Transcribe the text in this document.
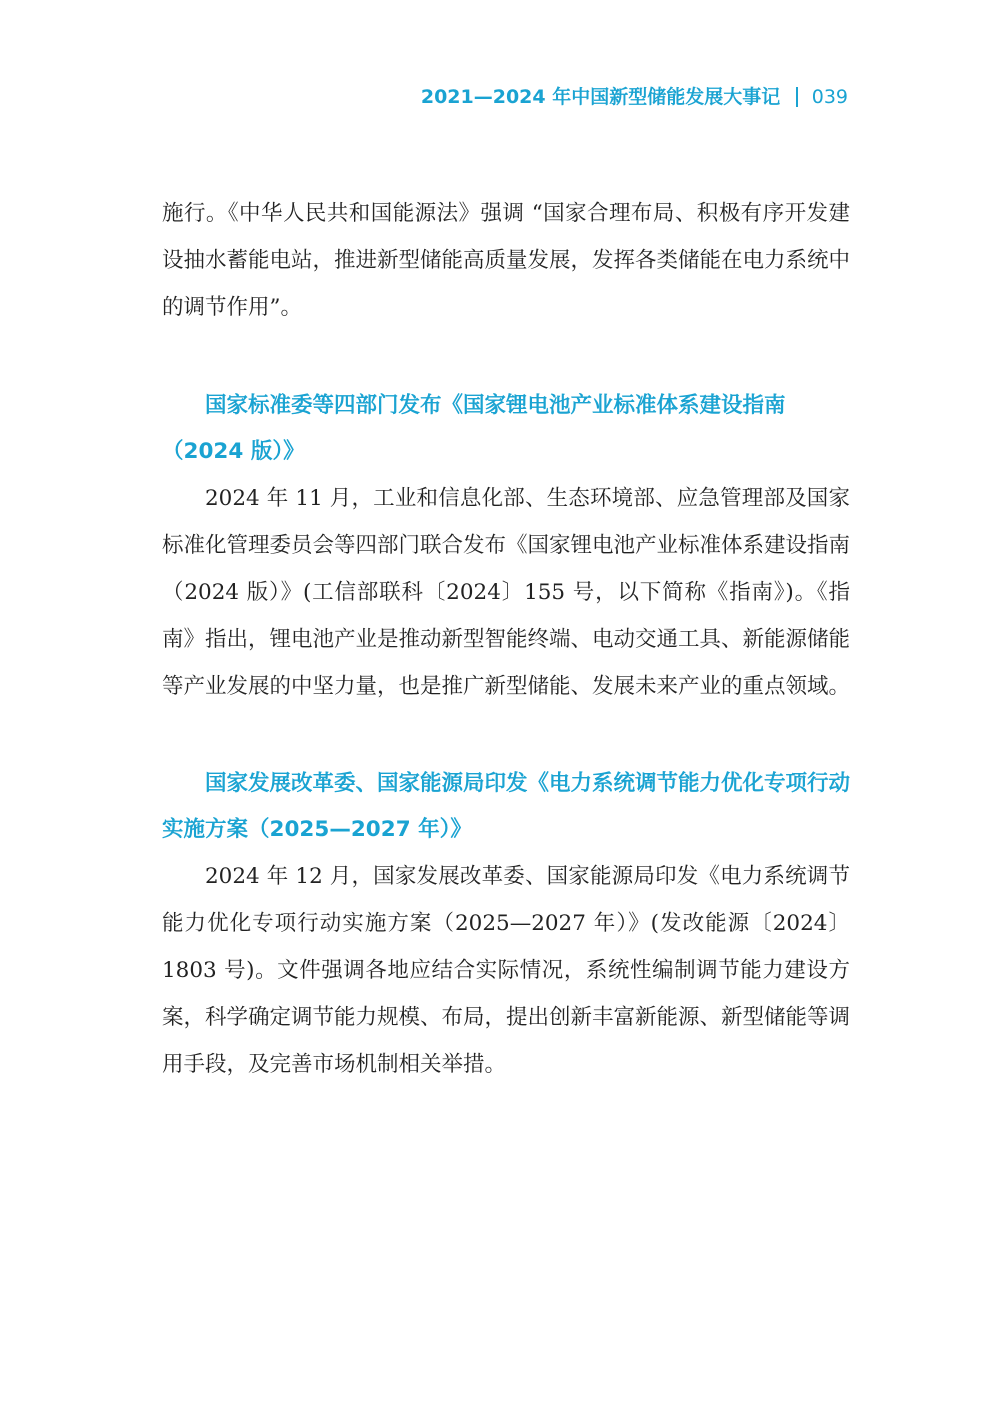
2021—2024 年中国新型储能发展大事记 039

施行。《中华人民共和国能源法》强调 “国家合理布局、积极有序开发建设抽水蓄能电站，推进新型储能高质量发展，发挥各类储能在电力系统中的调节作用”。

国家标准委等四部门发布《国家锂电池产业标准体系建设指南（2024 版）》

2024 年 11 月，工业和信息化部、生态环境部、应急管理部及国家标准化管理委员会等四部门联合发布《国家锂电池产业标准体系建设指南（2024 版）》(工信部联科〔2024〕155 号，以下简称《指南》)。《指南》指出，锂电池产业是推动新型智能终端、电动交通工具、新能源储能等产业发展的中坚力量，也是推广新型储能、发展未来产业的重点领域。

国家发展改革委、国家能源局印发《电力系统调节能力优化专项行动实施方案（2025—2027 年）》

2024 年 12 月，国家发展改革委、国家能源局印发《电力系统调节能力优化专项行动实施方案（2025—2027 年）》(发改能源〔2024〕1803 号)。文件强调各地应结合实际情况，系统性编制调节能力建设方案，科学确定调节能力规模、布局，提出创新丰富新能源、新型储能等调用手段，及完善市场机制相关举措。
